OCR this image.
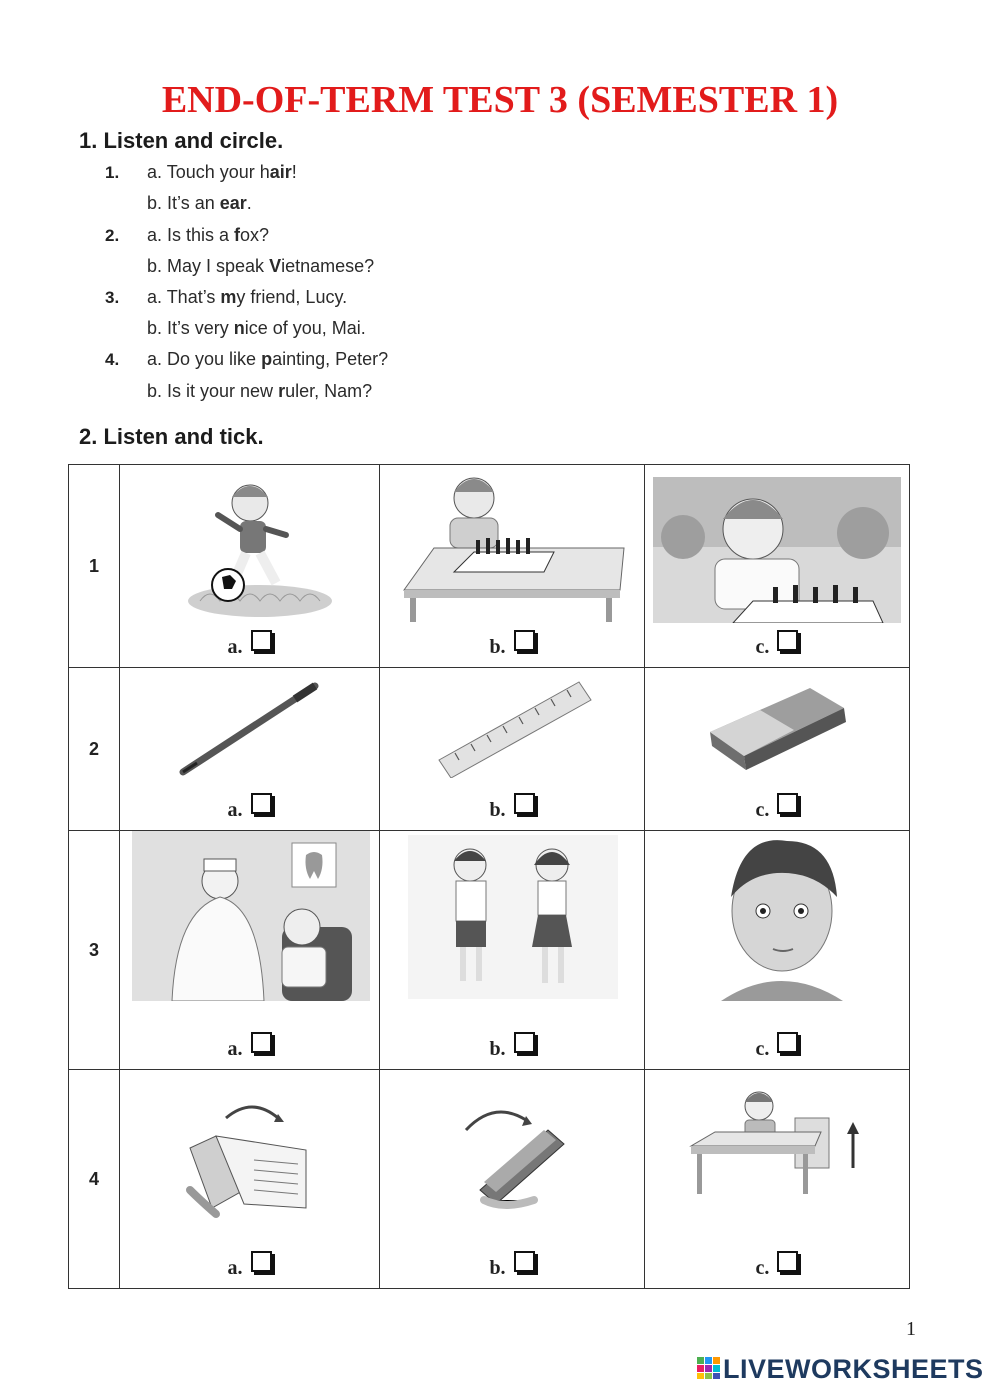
END-OF-TERM TEST 3 (SEMESTER 1)
1. Listen and circle.
1. a. Touch your hair!
b. It’s an ear.
2. a. Is this a fox?
b. May I speak Vietnamese?
3. a. That’s my friend, Lucy.
b. It’s very nice of you, Mai.
4. a. Do you like painting, Peter?
b. Is it your new ruler, Nam?
2. Listen and tick.
1	a.	b.	c.

2	a.	b.	c.

3	a.	b.	c.

4	a.	b.	c.
1
LIVEWORKSHEETS
